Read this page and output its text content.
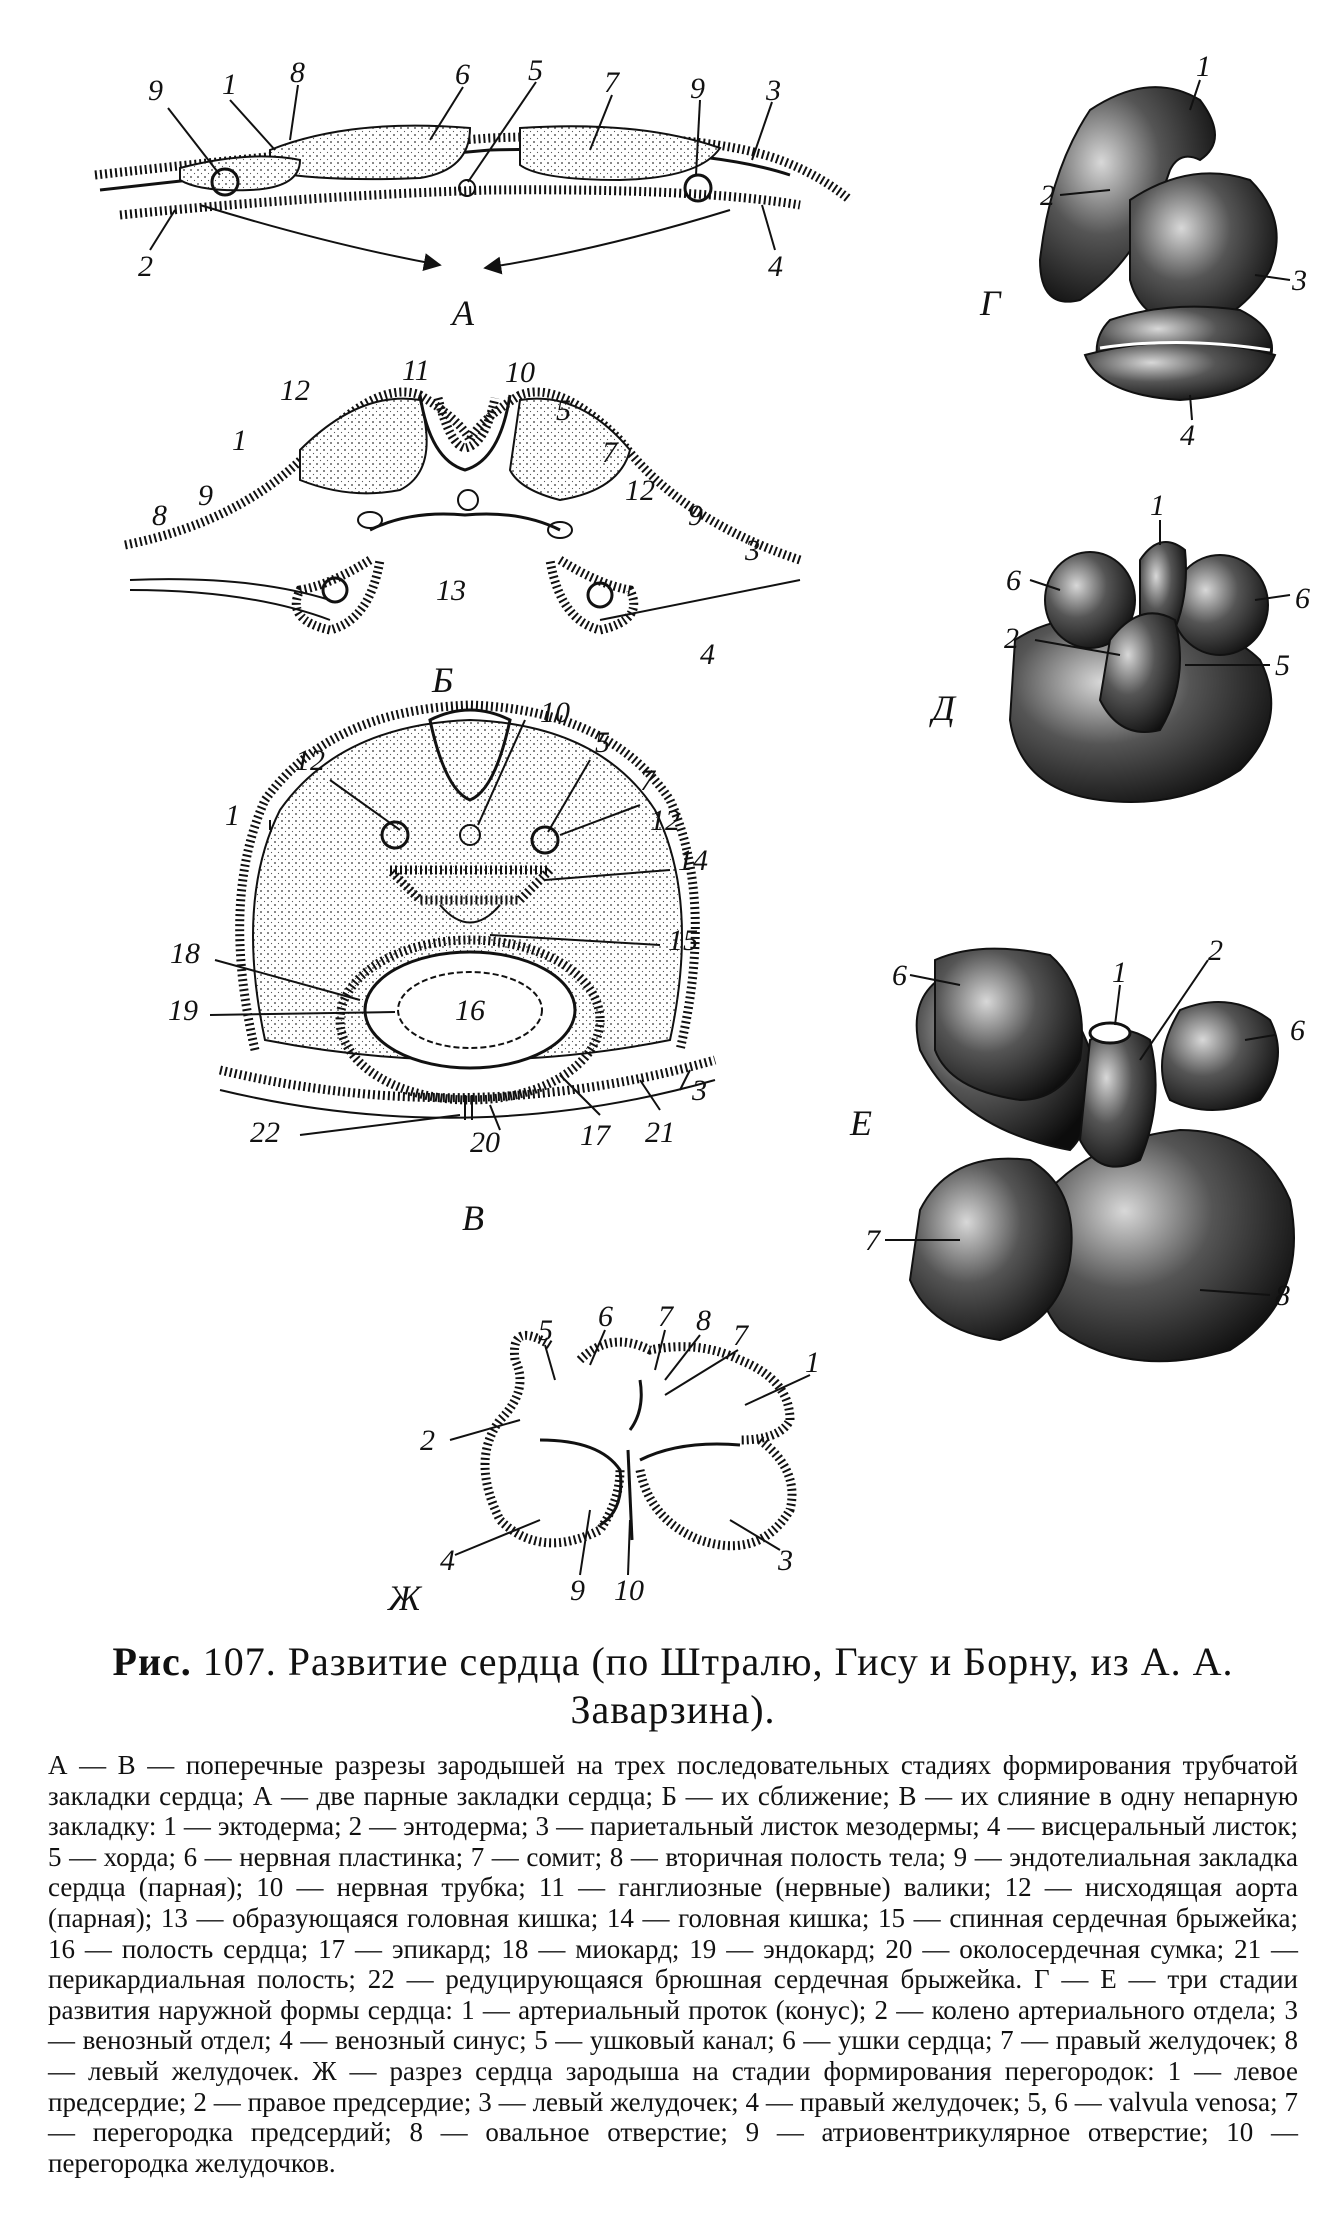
9 1 8	6 5 7 9 3
2	4
А
11	10
12
5
1	7
12
9
8	9
3
13
4
Б
10
5
12
7
12
1
14
15
18
16
19
3
22	17 21
20
В
5 6 7 8 7
1
2
4	3
9 10
Ж
1
2
3
4
Г
1
6
6
2
5
Д
6	1
2
6
7
8
Е

Рис. 107. Развитие сердца (по Штралю, Гису и Борну, из А. А. Заварзина).

А — В — поперечные разрезы зародышей на трех последовательных стадиях формирования трубчатой закладки сердца; А — две парные закладки сердца; Б — их сближение; В — их слияние в одну непарную закладку: 1 — эктодерма; 2 — энтодерма; 3 — париетальный листок мезодермы; 4 — висцеральный листок; 5 — хорда; 6 — нервная пластинка; 7 — сомит; 8 — вторичная полость тела; 9 — эндотелиальная закладка сердца (парная); 10 — нервная трубка; 11 — ганглиозные (нервные) валики; 12 — нисходящая аорта (парная); 13 — образующаяся головная кишка; 14 — головная кишка; 15 — спинная сердечная брыжейка; 16 — полость сердца; 17 — эпикард; 18 — миокард; 19 — эндокард; 20 — околосердечная сумка; 21 — перикардиальная полость; 22 — редуцирующаяся брюшная сердечная брыжейка. Г — Е — три стадии развития наружной формы сердца: 1 — артериальный проток (конус); 2 — колено артериального отдела; 3 — венозный отдел; 4 — венозный синус; 5 — ушковый канал; 6 — ушки сердца; 7 — правый желудочек; 8 — левый желудочек. Ж — разрез сердца зародыша на стадии формирования перегородок: 1 — левое предсердие; 2 — правое предсердие; 3 — левый желудочек; 4 — правый желудочек; 5, 6 — valvula venosa; 7 — перегородка предсердий; 8 — овальное отверстие; 9 — атриовентрикулярное отверстие; 10 — перегородка желудочков.
